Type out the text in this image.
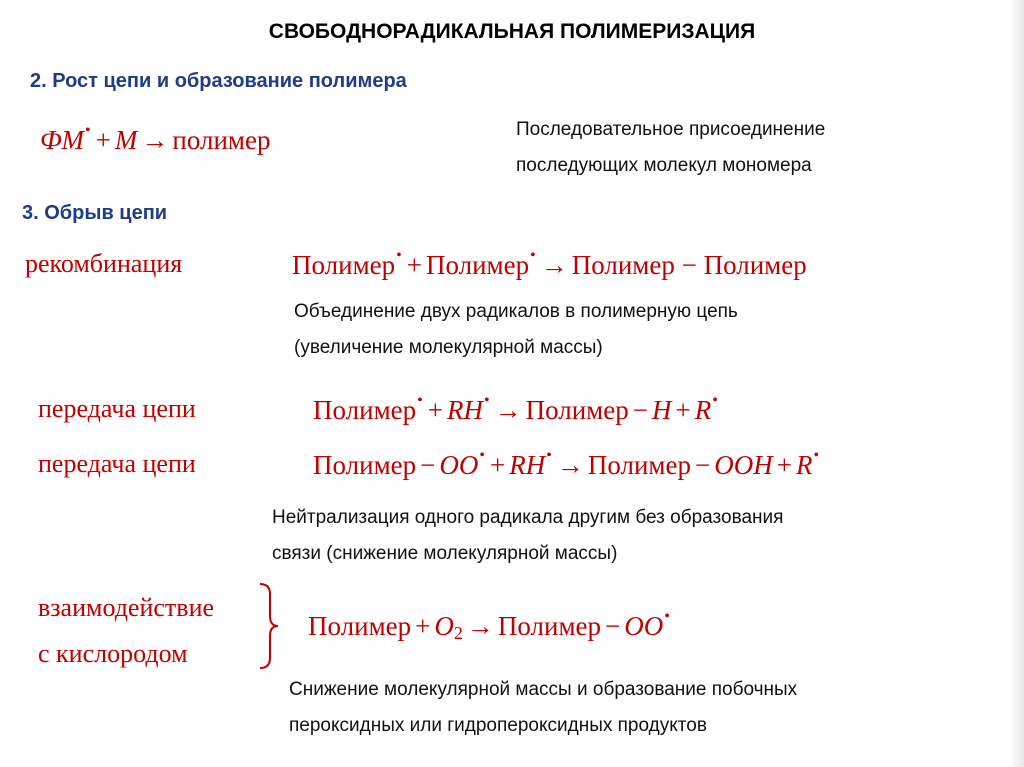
СВОБОДНОРАДИКАЛЬНАЯ ПОЛИМЕРИЗАЦИЯ
2. Рост цепи и образование полимера
ФМ• + М → полимер	Последовательное присоединение
последующих молекул мономера
3. Обрыв цепи
рекомбинация	Полимер• + Полимер• → Полимер − Полимер
Объединение двух радикалов в полимерную цепь
(увеличение молекулярной массы)
передача цепи	Полимер• + RH• → Полимер − H + R•
передача цепи	Полимер − OO• + RH• → Полимер − OOH + R•
Нейтрализация одного радикала другим без образования
связи (снижение молекулярной массы)
взаимодействие
с кислородом
Полимер + $O_2$ → Полимер − OO•
Снижение молекулярной массы и образование побочных
пероксидных или гидропероксидных продуктов
